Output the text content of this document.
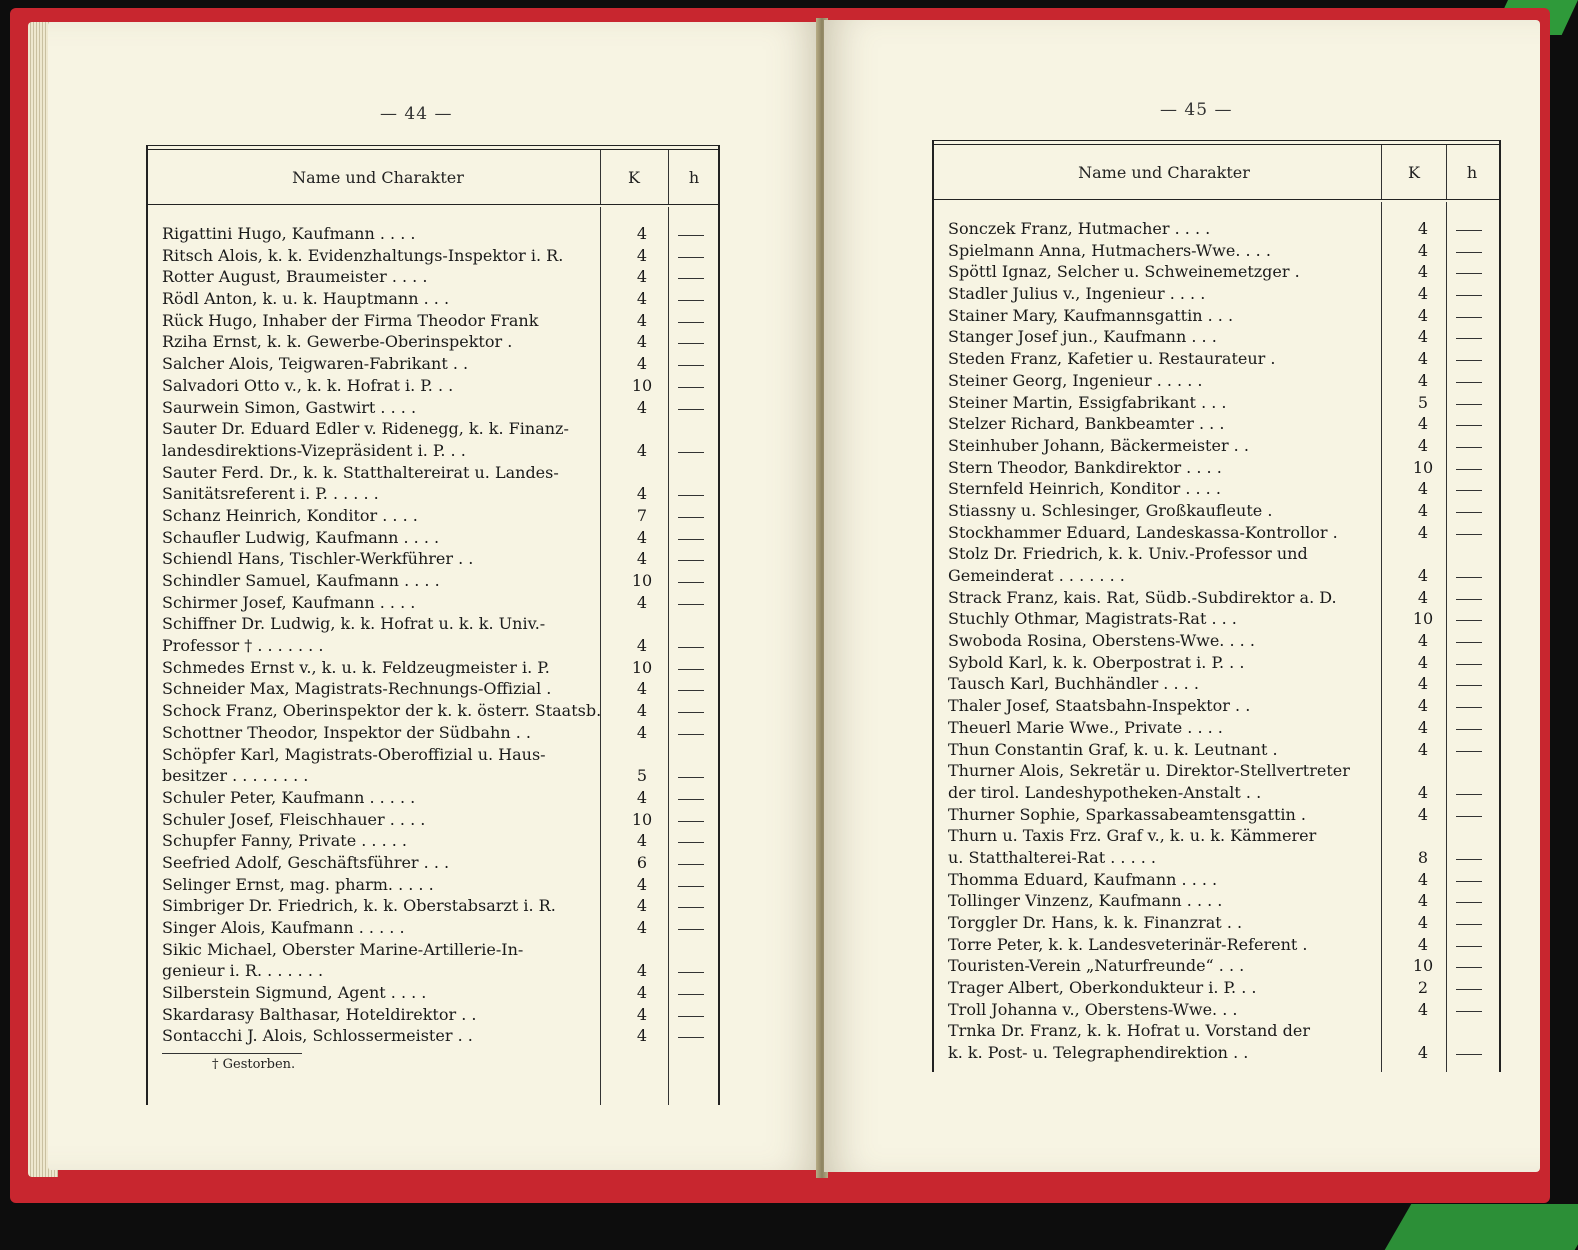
— 44 —
Name und Charakter	K	h
Rigattini Hugo, Kaufmann . . . .	4
Ritsch Alois, k. k. Evidenzhaltungs-Inspektor i. R.	4
Rotter August, Braumeister . . . .	4
Rödl Anton, k. u. k. Hauptmann . . .	4
Rück Hugo, Inhaber der Firma Theodor Frank	4
Rziha Ernst, k. k. Gewerbe-Oberinspektor .	4
Salcher Alois, Teigwaren-Fabrikant . .	4
Salvadori Otto v., k. k. Hofrat i. P. . .	10
Saurwein Simon, Gastwirt . . . .	4
Sauter Dr. Eduard Edler v. Ridenegg, k. k. Finanz-
landesdirektions-Vizepräsident i. P. . .	4
Sauter Ferd. Dr., k. k. Statthaltereirat u. Landes-
Sanitätsreferent i. P. . . . . .	4
Schanz Heinrich, Konditor . . . .	7
Schaufler Ludwig, Kaufmann . . . .	4
Schiendl Hans, Tischler-Werkführer . .	4
Schindler Samuel, Kaufmann . . . .	10
Schirmer Josef, Kaufmann . . . .	4
Schiffner Dr. Ludwig, k. k. Hofrat u. k. k. Univ.-
Professor † . . . . . . .	4
Schmedes Ernst v., k. u. k. Feldzeugmeister i. P.	10
Schneider Max, Magistrats-Rechnungs-Offizial .	4
Schock Franz, Oberinspektor der k. k. österr. Staatsb.	4
Schottner Theodor, Inspektor der Südbahn . .	4
Schöpfer Karl, Magistrats-Oberoffizial u. Haus-
besitzer . . . . . . . .	5
Schuler Peter, Kaufmann . . . . .	4
Schuler Josef, Fleischhauer . . . .	10
Schupfer Fanny, Private . . . . .	4
Seefried Adolf, Geschäftsführer . . .	6
Selinger Ernst, mag. pharm. . . . .	4
Simbriger Dr. Friedrich, k. k. Oberstabsarzt i. R.	4
Singer Alois, Kaufmann . . . . .	4
Sikic Michael, Oberster Marine-Artillerie-In-
genieur i. R. . . . . . .	4
Silberstein Sigmund, Agent . . . .	4
Skardarasy Balthasar, Hoteldirektor . .	4
Sontacchi J. Alois, Schlossermeister . .	4
† Gestorben.
— 45 —
Name und Charakter	K	h
Sonczek Franz, Hutmacher . . . .	4
Spielmann Anna, Hutmachers-Wwe. . . .	4
Spöttl Ignaz, Selcher u. Schweinemetzger .	4
Stadler Julius v., Ingenieur . . . .	4
Stainer Mary, Kaufmannsgattin . . .	4
Stanger Josef jun., Kaufmann . . .	4
Steden Franz, Kafetier u. Restaurateur .	4
Steiner Georg, Ingenieur . . . . .	4
Steiner Martin, Essigfabrikant . . .	5
Stelzer Richard, Bankbeamter . . .	4
Steinhuber Johann, Bäckermeister . .	4
Stern Theodor, Bankdirektor . . . .	10
Sternfeld Heinrich, Konditor . . . .	4
Stiassny u. Schlesinger, Großkaufleute .	4
Stockhammer Eduard, Landeskassa-Kontrollor .	4
Stolz Dr. Friedrich, k. k. Univ.-Professor und
Gemeinderat . . . . . . .	4
Strack Franz, kais. Rat, Südb.-Subdirektor a. D.	4
Stuchly Othmar, Magistrats-Rat . . .	10
Swoboda Rosina, Oberstens-Wwe. . . .	4
Sybold Karl, k. k. Oberpostrat i. P. . .	4
Tausch Karl, Buchhändler . . . .	4
Thaler Josef, Staatsbahn-Inspektor . .	4
Theuerl Marie Wwe., Private . . . .	4
Thun Constantin Graf, k. u. k. Leutnant .	4
Thurner Alois, Sekretär u. Direktor-Stellvertreter
der tirol. Landeshypotheken-Anstalt . .	4
Thurner Sophie, Sparkassabeamtensgattin .	4
Thurn u. Taxis Frz. Graf v., k. u. k. Kämmerer
u. Statthalterei-Rat . . . . .	8
Thomma Eduard, Kaufmann . . . .	4
Tollinger Vinzenz, Kaufmann . . . .	4
Torggler Dr. Hans, k. k. Finanzrat . .	4
Torre Peter, k. k. Landesveterinär-Referent .	4
Touristen-Verein „Naturfreunde“ . . .	10
Trager Albert, Oberkondukteur i. P. . .	2
Troll Johanna v., Oberstens-Wwe. . .	4
Trnka Dr. Franz, k. k. Hofrat u. Vorstand der
k. k. Post- u. Telegraphendirektion . .	4
